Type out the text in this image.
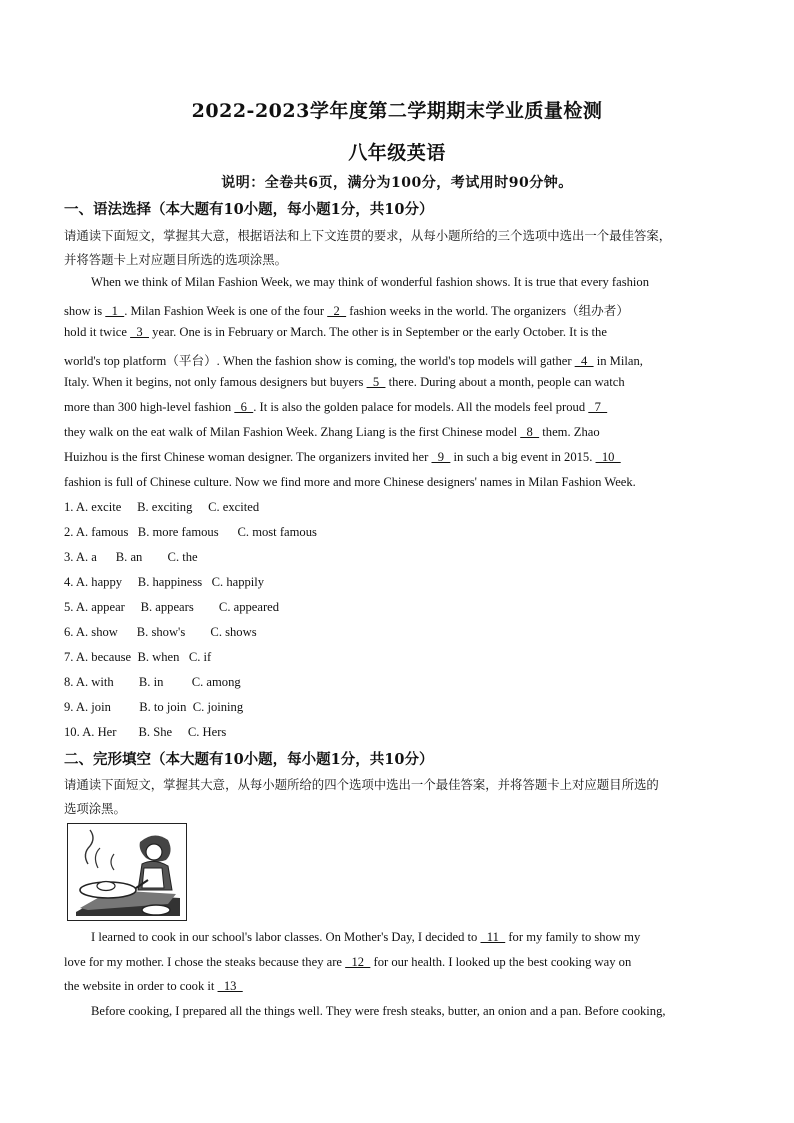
2022-2023学年度第二学期期末学业质量检测
八年级英语
说明：全卷共6页，满分为100分，考试用时90分钟。
一、语法选择（本大题有10小题，每小题1分，共10分）
请通读下面短文，掌握其大意，根据语法和上下文连贯的要求，从每小题所给的三个选项中选出一个最佳答案，
并将答题卡上对应题目所选的选项涂黑。
When we think of Milan Fashion Week, we may think of wonderful fashion shows. It is true that every fashion
show is   1  . Milan Fashion Week is one of the four   2   fashion weeks in the world. The organizers（组办者）
hold it twice   3   year. One is in February or March. The other is in September or the early October. It is the
world's top platform（平台）. When the fashion show is coming, the world's top models will gather   4   in Milan,
Italy. When it begins, not only famous designers but buyers   5   there. During about a month, people can watch
more than 300 high-level fashion   6  . It is also the golden palace for models. All the models feel proud   7
they walk on the eat walk of Milan Fashion Week. Zhang Liang is the first Chinese model   8   them. Zhao
Huizhou is the first Chinese woman designer. The organizers invited her   9   in such a big event in 2015.   10
fashion is full of Chinese culture. Now we find more and more Chinese designers' names in Milan Fashion Week.
1. A. excite     B. exciting     C. excited
2. A. famous   B. more famous      C. most famous
3. A. a      B. an        C. the
4. A. happy     B. happiness   C. happily
5. A. appear     B. appears        C. appeared
6. A. show      B. show's        C. shows
7. A. because  B. when   C. if
8. A. with        B. in         C. among
9. A. join         B. to join  C. joining
10. A. Her       B. She     C. Hers
二、完形填空（本大题有10小题，每小题1分，共10分）
请通读下面短文，掌握其大意，从每小题所给的四个选项中选出一个最佳答案，并将答题卡上对应题目所选的
选项涂黑。
I learned to cook in our school's labor classes. On Mother's Day, I decided to   11   for my family to show my
love for my mother. I chose the steaks because they are   12   for our health. I looked up the best cooking way on
the website in order to cook it   13
Before cooking, I prepared all the things well. They were fresh steaks, butter, an onion and a pan. Before cooking,
